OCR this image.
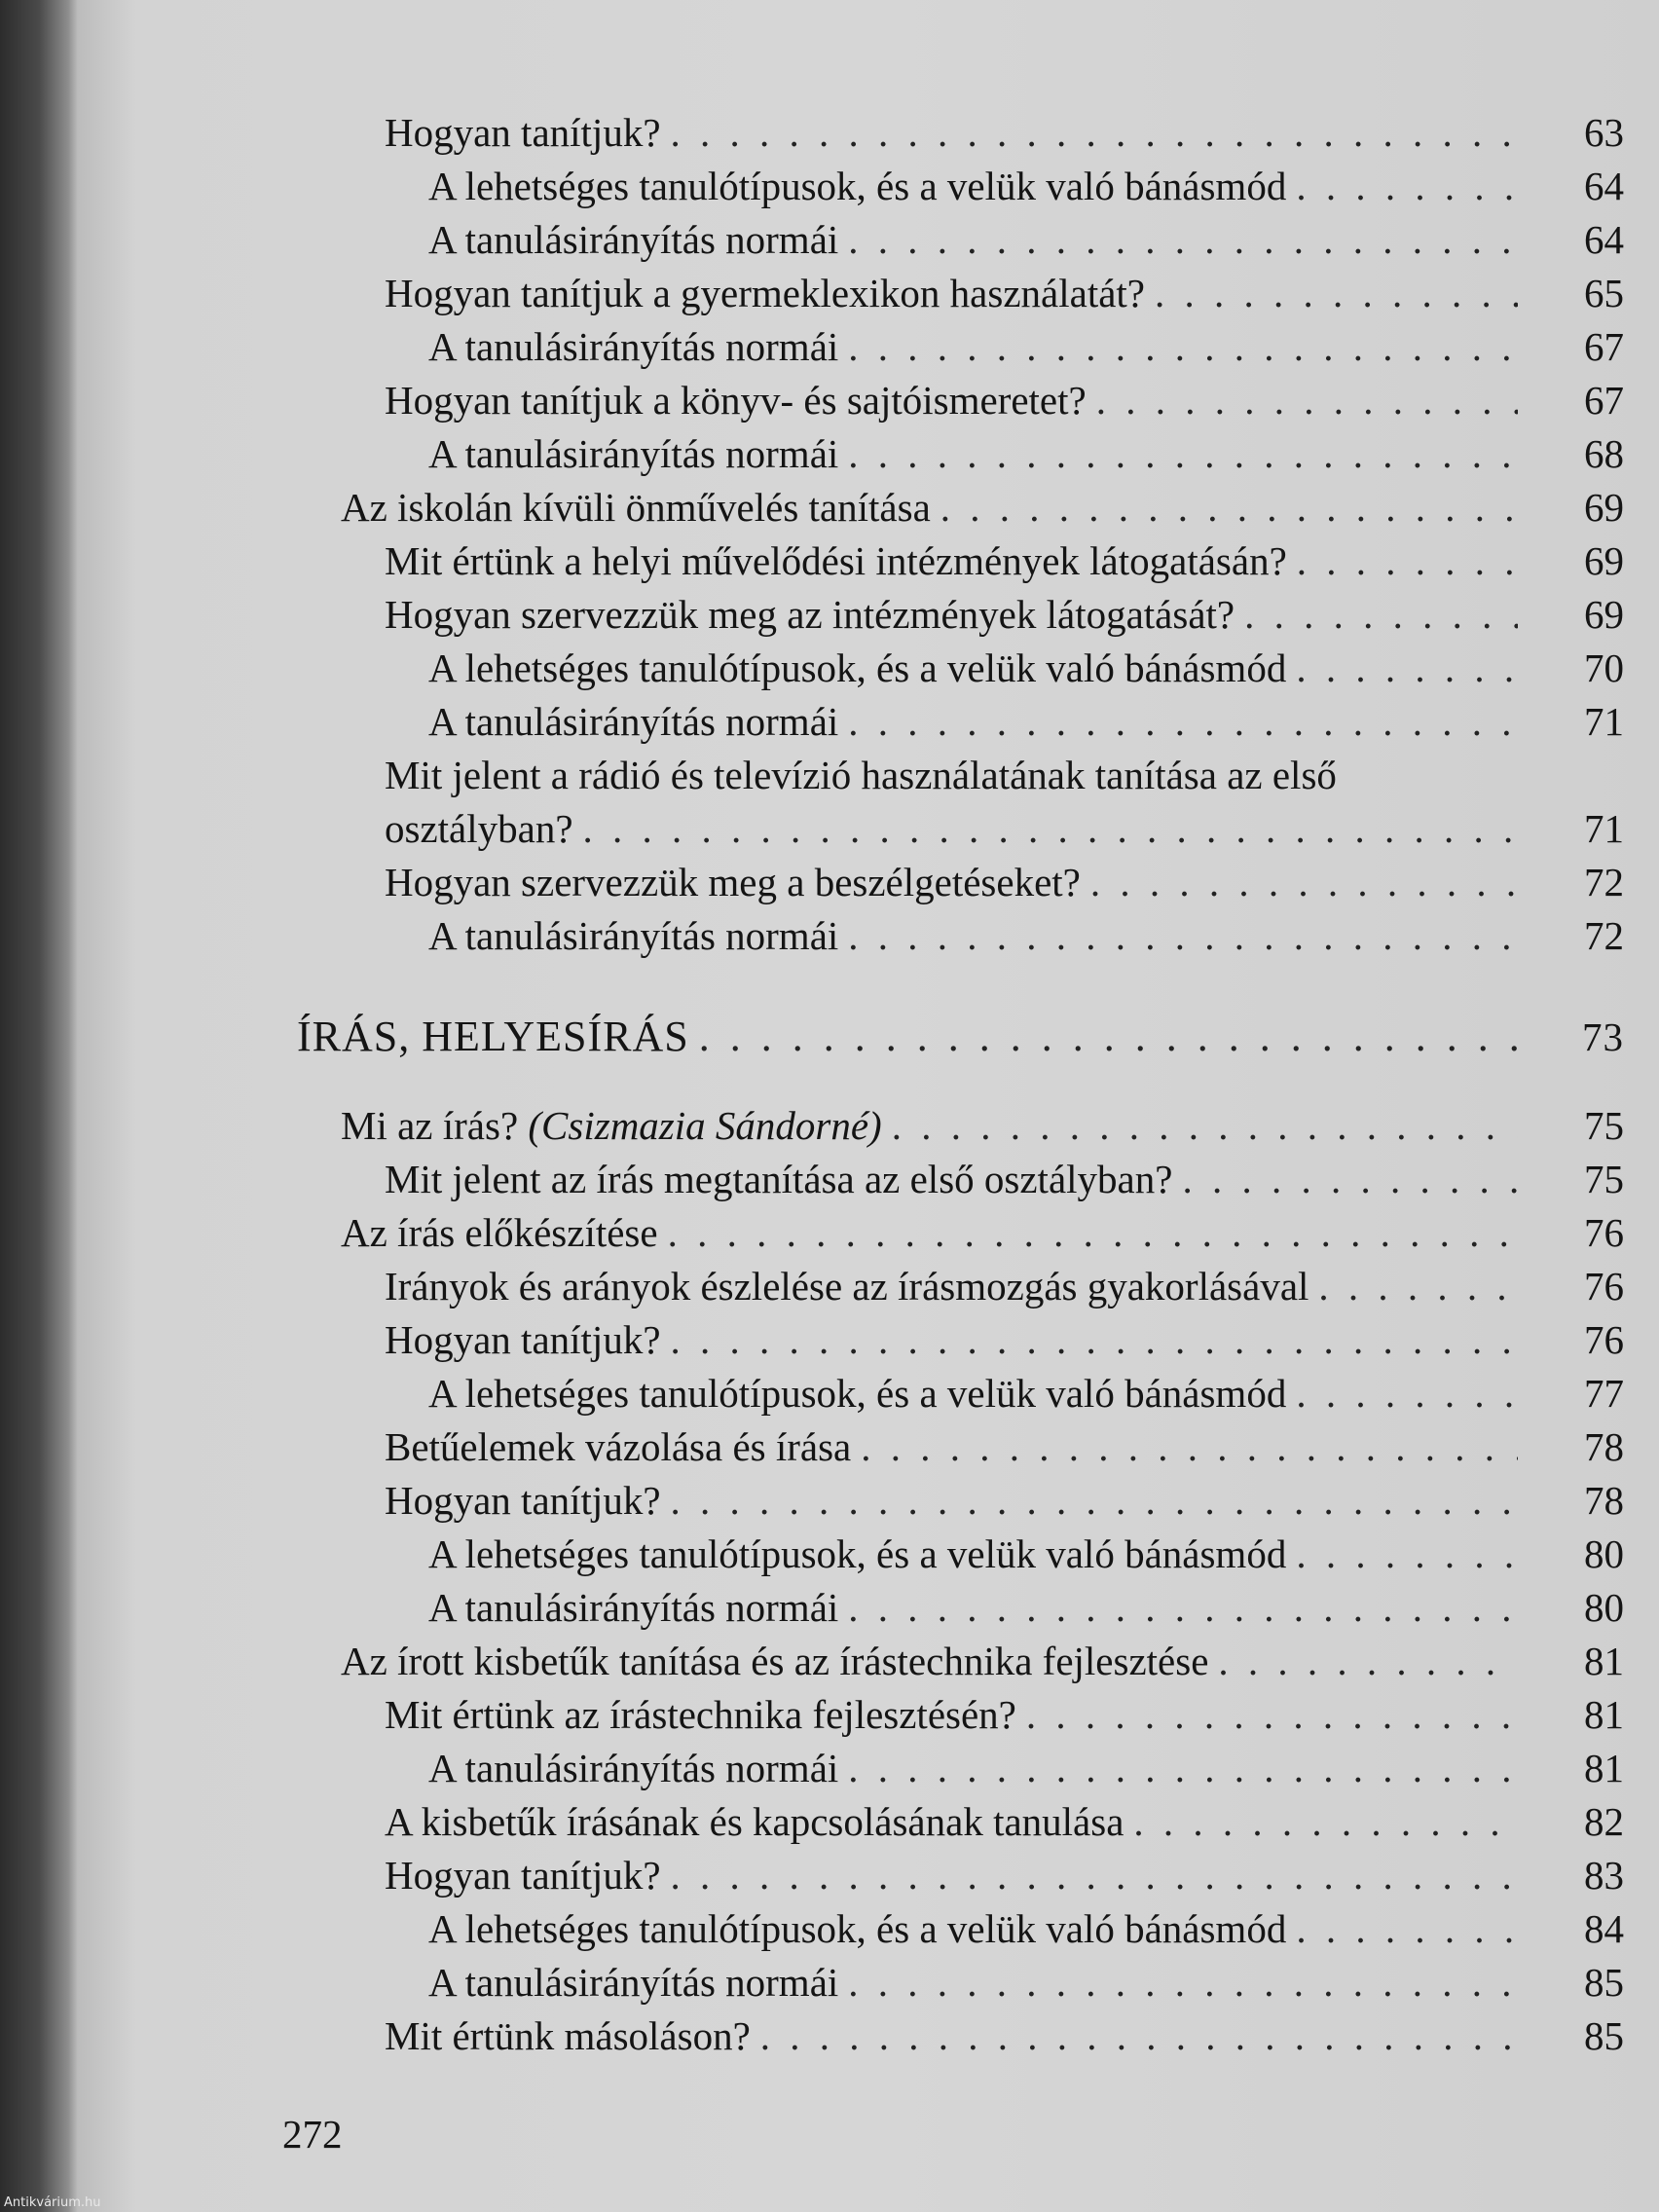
Hogyan tanítjuk? . . .	63
A lehetséges tanulótípusok, és a velük való bánásmód . . .	64
A tanulásirányítás normái . . .	64
Hogyan tanítjuk a gyermeklexikon használatát? . . .	65
A tanulásirányítás normái . . .	67
Hogyan tanítjuk a könyv- és sajtóismeretet? . . .	67
A tanulásirányítás normái . . .	68
Az iskolán kívüli önművelés tanítása . . .	69
Mit értünk a helyi művelődési intézmények látogatásán? . . .	69
Hogyan szervezzük meg az intézmények látogatását? . . .	69
A lehetséges tanulótípusok, és a velük való bánásmód . . .	70
A tanulásirányítás normái . . .	71
Mit jelent a rádió és televízió használatának tanítása az első
osztályban? . . .	71
Hogyan szervezzük meg a beszélgetéseket? . . .	72
A tanulásirányítás normái . . .	72
ÍRÁS, HELYESÍRÁS . . .	73
Mi az írás? (Csizmazia Sándorné) . . .	75
Mit jelent az írás megtanítása az első osztályban? . . .	75
Az írás előkészítése . . .	76
Irányok és arányok észlelése az írásmozgás gyakorlásával . . .	76
Hogyan tanítjuk? . . .	76
A lehetséges tanulótípusok, és a velük való bánásmód . . .	77
Betűelemek vázolása és írása . . .	78
Hogyan tanítjuk? . . .	78
A lehetséges tanulótípusok, és a velük való bánásmód . . .	80
A tanulásirányítás normái . . .	80
Az írott kisbetűk tanítása és az írástechnika fejlesztése . . .	81
Mit értünk az írástechnika fejlesztésén? . . .	81
A tanulásirányítás normái . . .	81
A kisbetűk írásának és kapcsolásának tanulása . . .	82
Hogyan tanítjuk? . . .	83
A lehetséges tanulótípusok, és a velük való bánásmód . . .	84
A tanulásirányítás normái . . .	85
Mit értünk másoláson? . . .	85
272
Antikvárium.hu
